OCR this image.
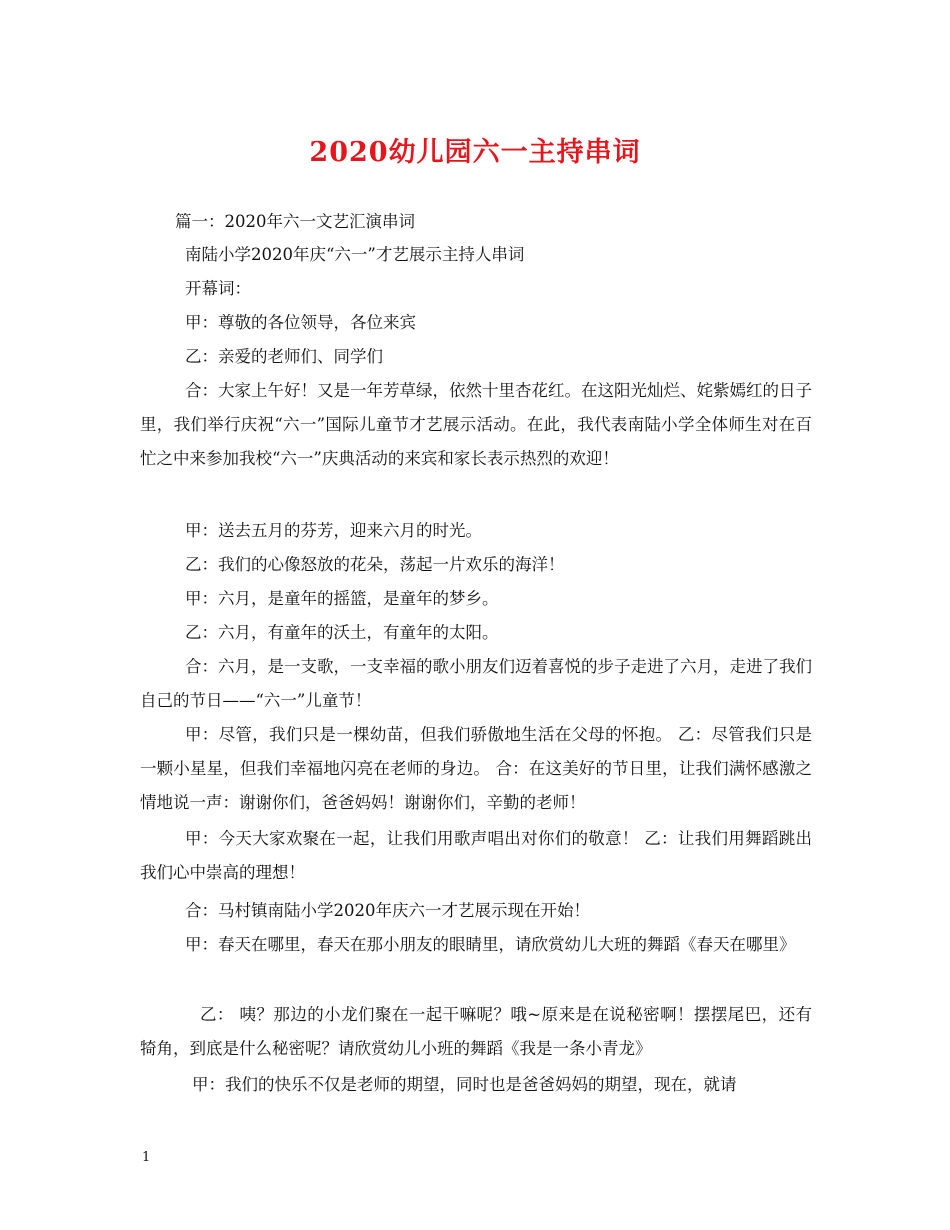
2020幼儿园六一主持串词
篇一：2020年六一文艺汇演串词
南陆小学2020年庆“六一”才艺展示主持人串词
开幕词：
甲：尊敬的各位领导，各位来宾
乙：亲爱的老师们、同学们
合：大家上午好！又是一年芳草绿，依然十里杏花红。在这阳光灿烂、姹紫嫣红的日子里，我们举行庆祝“六一”国际儿童节才艺展示活动。在此，我代表南陆小学全体师生对在百忙之中来参加我校“六一”庆典活动的来宾和家长表示热烈的欢迎！
甲：送去五月的芬芳，迎来六月的时光。
乙：我们的心像怒放的花朵，荡起一片欢乐的海洋！
甲：六月，是童年的摇篮，是童年的梦乡。
乙：六月，有童年的沃土，有童年的太阳。
合：六月，是一支歌，一支幸福的歌小朋友们迈着喜悦的步子走进了六月，走进了我们自己的节日——“六一”儿童节！
甲：尽管，我们只是一棵幼苗，但我们骄傲地生活在父母的怀抱。 乙：尽管我们只是一颗小星星，但我们幸福地闪亮在老师的身边。 合：在这美好的节日里，让我们满怀感激之情地说一声：谢谢你们，爸爸妈妈！谢谢你们，辛勤的老师！
甲：今天大家欢聚在一起，让我们用歌声唱出对你们的敬意！ 乙：让我们用舞蹈跳出我们心中崇高的理想！
合：马村镇南陆小学2020年庆六一才艺展示现在开始！
甲：春天在哪里，春天在那小朋友的眼睛里，请欣赏幼儿大班的舞蹈《春天在哪里》
乙： 咦？那边的小龙们聚在一起干嘛呢？哦~原来是在说秘密啊！摆摆尾巴，还有犄角，到底是什么秘密呢？请欣赏幼儿小班的舞蹈《我是一条小青龙》
甲：我们的快乐不仅是老师的期望，同时也是爸爸妈妈的期望，现在，就请
1
